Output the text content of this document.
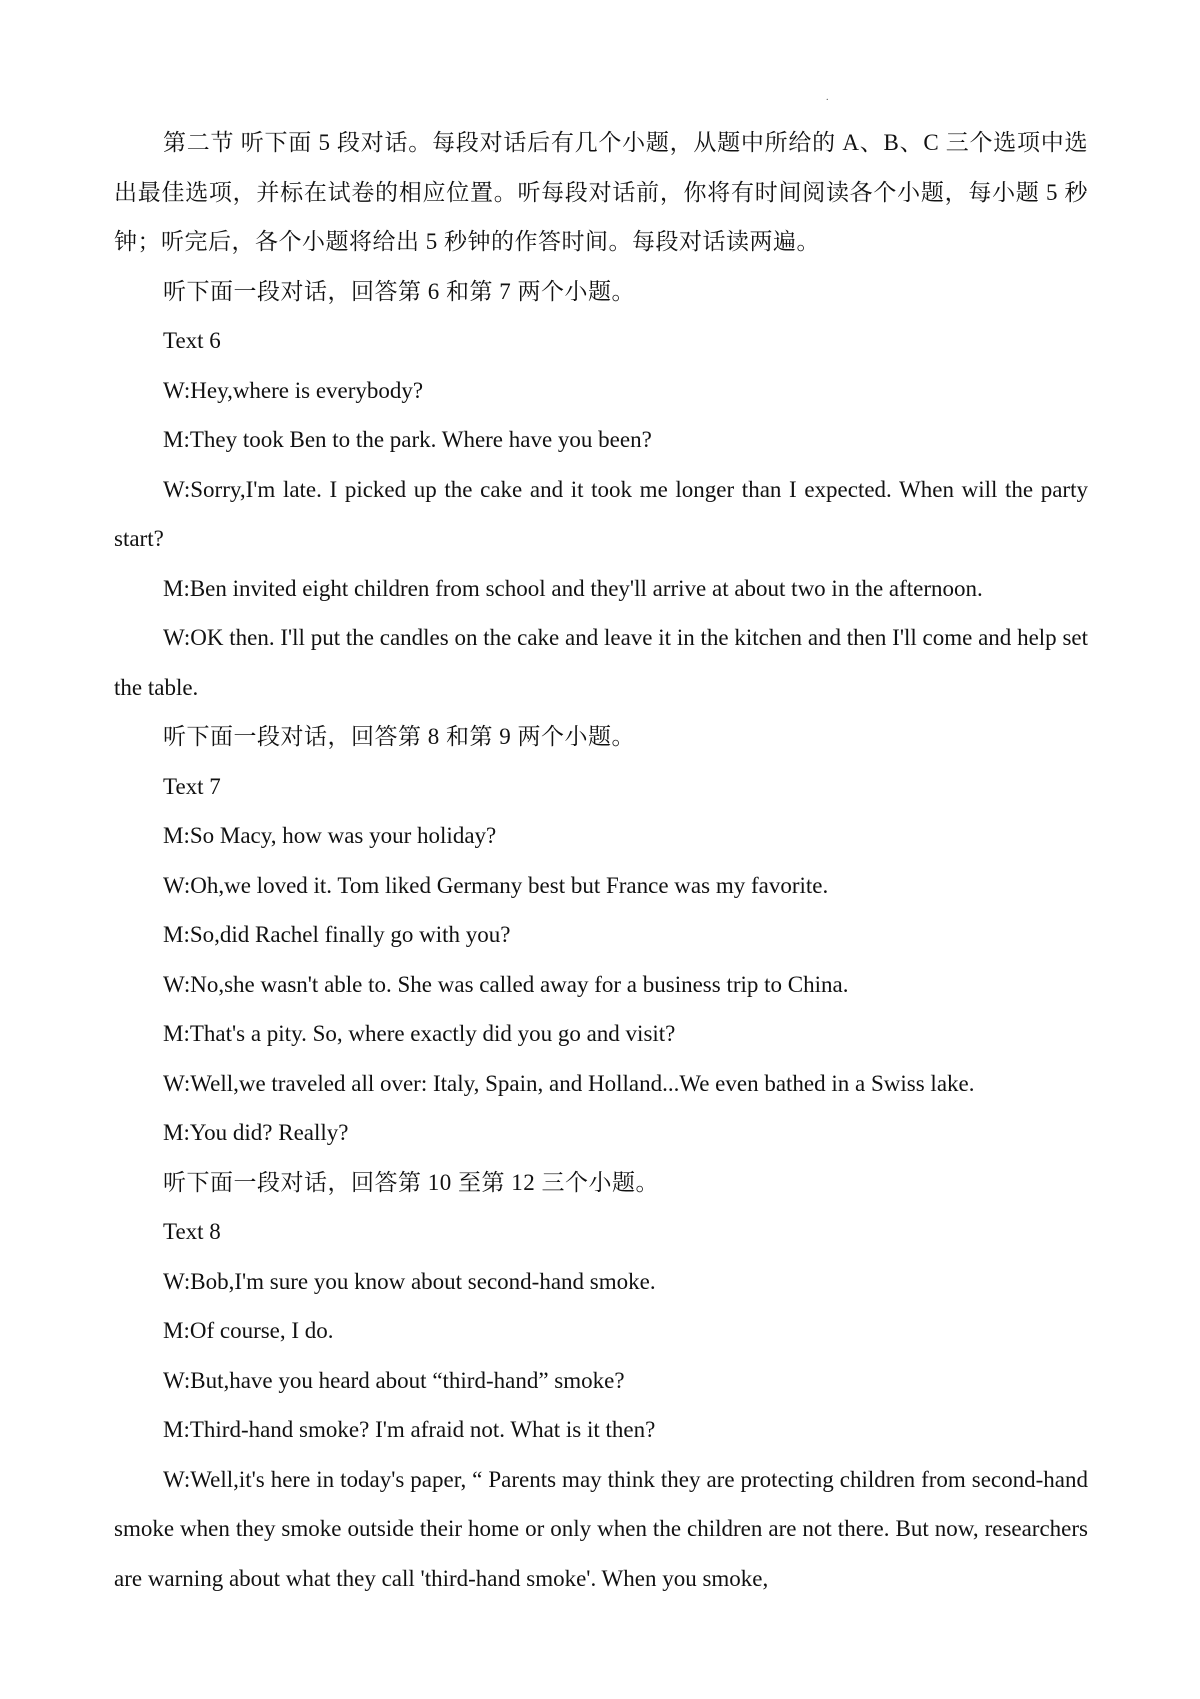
.

第二节 听下面 5 段对话。每段对话后有几个小题，从题中所给的 A、B、C 三个选项中选出最佳选项，并标在试卷的相应位置。听每段对话前，你将有时间阅读各个小题，每小题 5 秒钟；听完后，各个小题将给出 5 秒钟的作答时间。每段对话读两遍。

听下面一段对话，回答第 6 和第 7 两个小题。

Text 6

W:Hey,where is everybody?

M:They took Ben to the park. Where have you been?

W:Sorry,I'm late. I picked up the cake and it took me longer than I expected. When will the party start?

M:Ben invited eight children from school and they'll arrive at about two in the afternoon.

W:OK then. I'll put the candles on the cake and leave it in the kitchen and then I'll come and help set the table.

听下面一段对话，回答第 8 和第 9 两个小题。

Text 7

M:So Macy, how was your holiday?

W:Oh,we loved it. Tom liked Germany best but France was my favorite.

M:So,did Rachel finally go with you?

W:No,she wasn't able to. She was called away for a business trip to China.

M:That's a pity. So, where exactly did you go and visit?

W:Well,we traveled all over: Italy, Spain, and Holland...We even bathed in a Swiss lake.

M:You did? Really?

听下面一段对话，回答第 10 至第 12 三个小题。

Text 8

W:Bob,I'm sure you know about second-hand smoke.

M:Of course, I do.

W:But,have you heard about “third-hand” smoke?

M:Third-hand smoke? I'm afraid not. What is it then?

W:Well,it's here in today's paper, “ Parents may think they are protecting children from second-hand smoke when they smoke outside their home or only when the children are not there. But now, researchers are warning about what they call 'third-hand smoke'. When you smoke,
